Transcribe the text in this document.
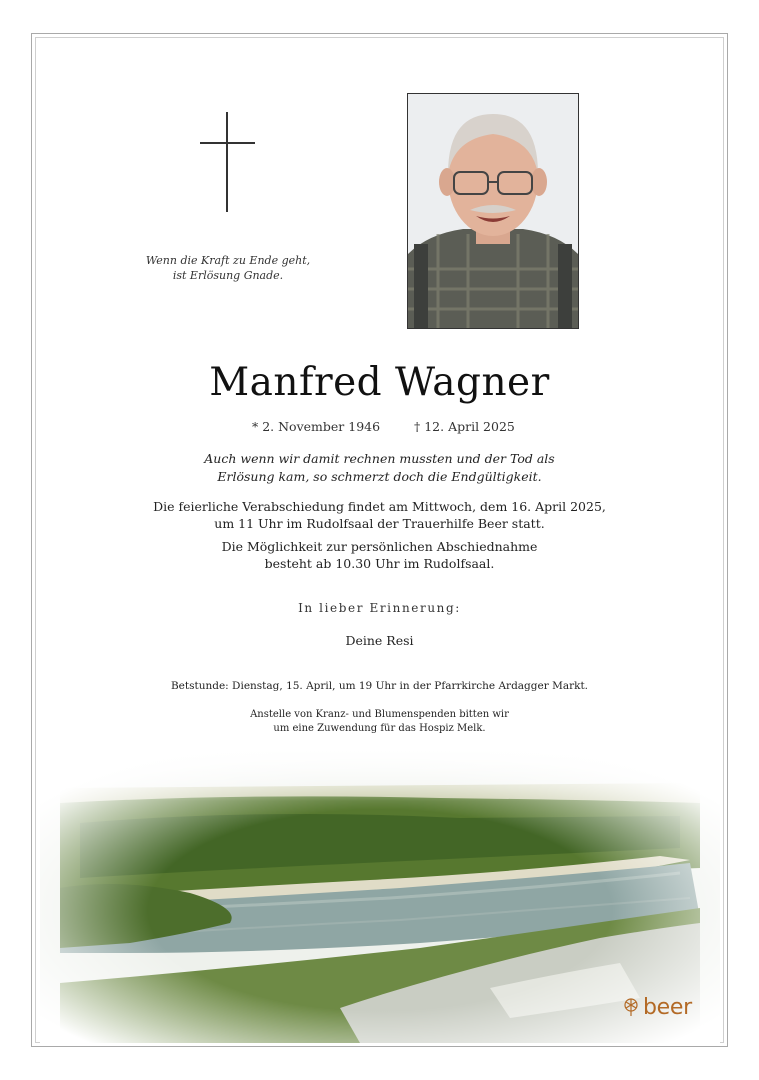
Wenn die Kraft zu Ende geht,
ist Erlösung Gnade.
Manfred Wagner
* 2. November 1946	† 12. April 2025
Auch wenn wir damit rechnen mussten und der Tod als
Erlösung kam, so schmerzt doch die Endgültigkeit.
Die feierliche Verabschiedung findet am Mittwoch, dem 16. April 2025,
um 11 Uhr im Rudolfsaal der Trauerhilfe Beer statt.
Die Möglichkeit zur persönlichen Abschiednahme
besteht ab 10.30 Uhr im Rudolfsaal.
In lieber Erinnerung:
Deine Resi
Betstunde: Dienstag, 15. April, um 19 Uhr in der Pfarrkirche Ardagger Markt.
Anstelle von Kranz- und Blumenspenden bitten wir
um eine Zuwendung für das Hospiz Melk.
beer
